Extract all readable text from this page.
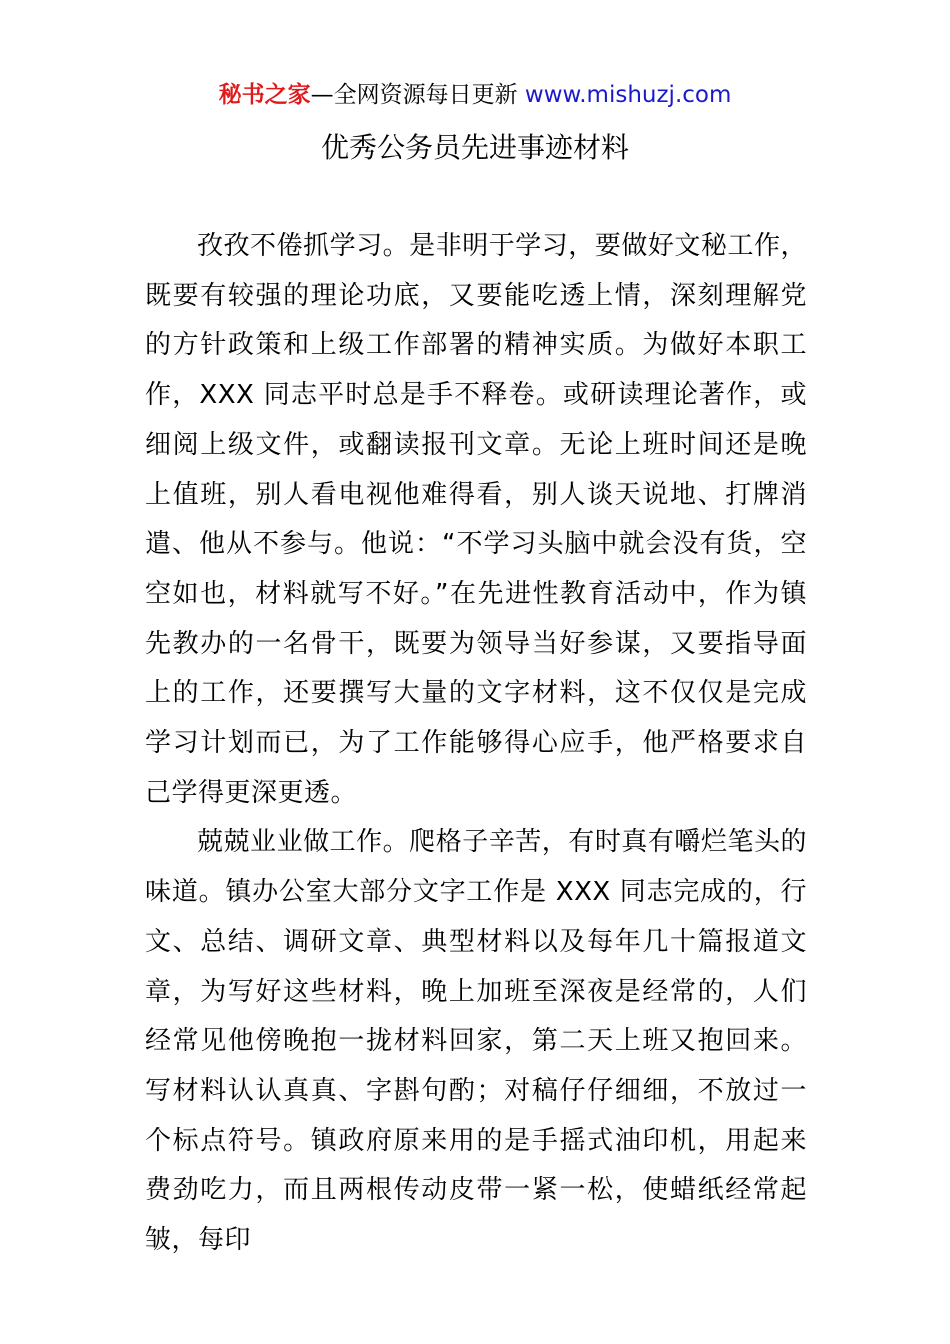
秘书之家—全网资源每日更新 www.mishuzj.com
优秀公务员先进事迹材料

孜孜不倦抓学习。是非明于学习，要做好文秘工作，既要有较强的理论功底，又要能吃透上情，深刻理解党的方针政策和上级工作部署的精神实质。为做好本职工作，XXX 同志平时总是手不释卷。或研读理论著作，或细阅上级文件，或翻读报刊文章。无论上班时间还是晚上值班，别人看电视他难得看，别人谈天说地、打牌消遣、他从不参与。他说：“不学习头脑中就会没有货，空空如也，材料就写不好。”在先进性教育活动中，作为镇先教办的一名骨干，既要为领导当好参谋，又要指导面上的工作，还要撰写大量的文字材料，这不仅仅是完成学习计划而已，为了工作能够得心应手，他严格要求自己学得更深更透。

兢兢业业做工作。爬格子辛苦，有时真有嚼烂笔头的味道。镇办公室大部分文字工作是 XXX 同志完成的，行文、总结、调研文章、典型材料以及每年几十篇报道文章，为写好这些材料，晚上加班至深夜是经常的，人们经常见他傍晚抱一拢材料回家，第二天上班又抱回来。写材料认认真真、字斟句酌；对稿仔仔细细，不放过一个标点符号。镇政府原来用的是手摇式油印机，用起来费劲吃力，而且两根传动皮带一紧一松，使蜡纸经常起皱，每印
